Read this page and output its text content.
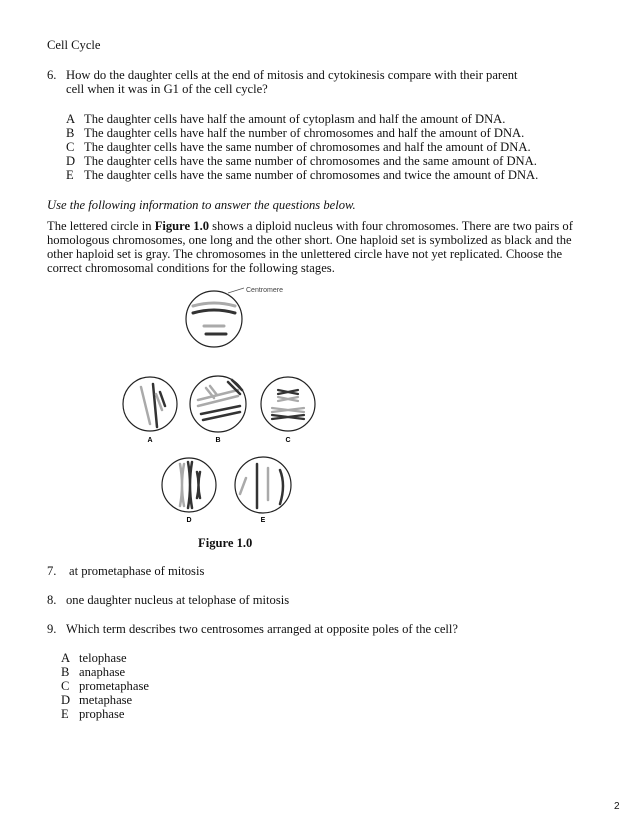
Cell Cycle
6. How do the daughter cells at the end of mitosis and cytokinesis compare with their parent
cell when it was in G1 of the cell cycle?
A The daughter cells have half the amount of cytoplasm and half the amount of DNA.
B The daughter cells have half the number of chromosomes and half the amount of DNA.
C The daughter cells have the same number of chromosomes and half the amount of DNA.
D The daughter cells have the same number of chromosomes and the same amount of DNA.
E The daughter cells have the same number of chromosomes and twice the amount of DNA.
Use the following information to answer the questions below.
The lettered circle in Figure 1.0 shows a diploid nucleus with four chromosomes. There are two pairs of
homologous chromosomes, one long and the other short. One haploid set is symbolized as black and the
other haploid set is gray. The chromosomes in the unlettered circle have not yet replicated. Choose the
correct chromosomal conditions for the following stages.
Centromere
A	B	C
D	E
Figure 1.0
7. at prometaphase of mitosis
8. one daughter nucleus at telophase of mitosis
9. Which term describes two centrosomes arranged at opposite poles of the cell?
A telophase
B anaphase
C prometaphase
D metaphase
E prophase
2
